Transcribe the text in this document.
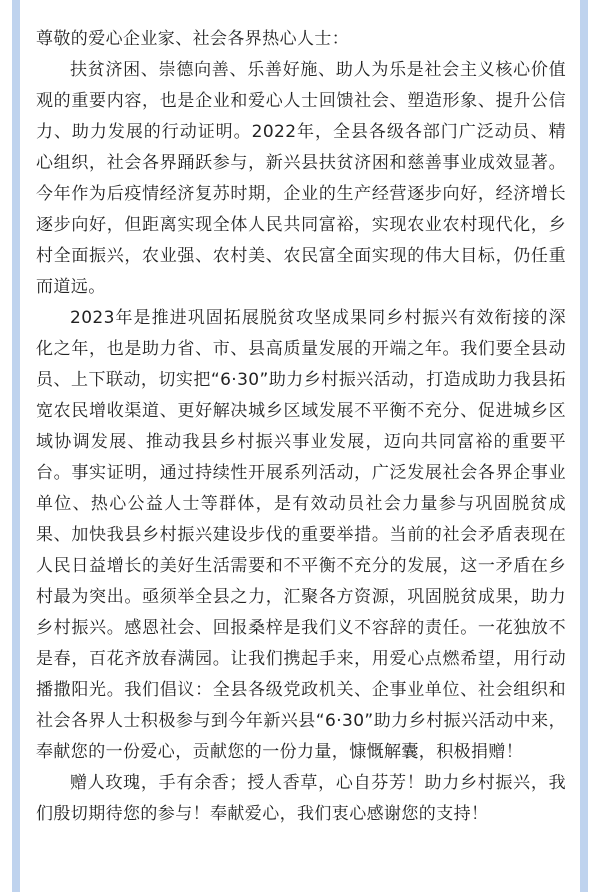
尊敬的爱心企业家、社会各界热心人士：

扶贫济困、崇德向善、乐善好施、助人为乐是社会主义核心价值观的重要内容，也是企业和爱心人士回馈社会、塑造形象、提升公信力、助力发展的行动证明。2022年，全县各级各部门广泛动员、精心组织，社会各界踊跃参与，新兴县扶贫济困和慈善事业成效显著。今年作为后疫情经济复苏时期，企业的生产经营逐步向好，经济增长逐步向好，但距离实现全体人民共同富裕，实现农业农村现代化，乡村全面振兴，农业强、农村美、农民富全面实现的伟大目标，仍任重而道远。

2023年是推进巩固拓展脱贫攻坚成果同乡村振兴有效衔接的深化之年，也是助力省、市、县高质量发展的开端之年。我们要全县动员、上下联动，切实把“6·30”助力乡村振兴活动，打造成助力我县拓宽农民增收渠道、更好解决城乡区域发展不平衡不充分、促进城乡区域协调发展、推动我县乡村振兴事业发展，迈向共同富裕的重要平台。事实证明，通过持续性开展系列活动，广泛发展社会各界企事业单位、热心公益人士等群体，是有效动员社会力量参与巩固脱贫成果、加快我县乡村振兴建设步伐的重要举措。当前的社会矛盾表现在人民日益增长的美好生活需要和不平衡不充分的发展，这一矛盾在乡村最为突出。亟须举全县之力，汇聚各方资源，巩固脱贫成果，助力乡村振兴。感恩社会、回报桑梓是我们义不容辞的责任。一花独放不是春，百花齐放春满园。让我们携起手来，用爱心点燃希望，用行动播撒阳光。我们倡议：全县各级党政机关、企事业单位、社会组织和社会各界人士积极参与到今年新兴县“6·30”助力乡村振兴活动中来，奉献您的一份爱心，贡献您的一份力量，慷慨解囊，积极捐赠！

赠人玫瑰，手有余香；授人香草，心自芬芳！助力乡村振兴，我们殷切期待您的参与！奉献爱心，我们衷心感谢您的支持！
